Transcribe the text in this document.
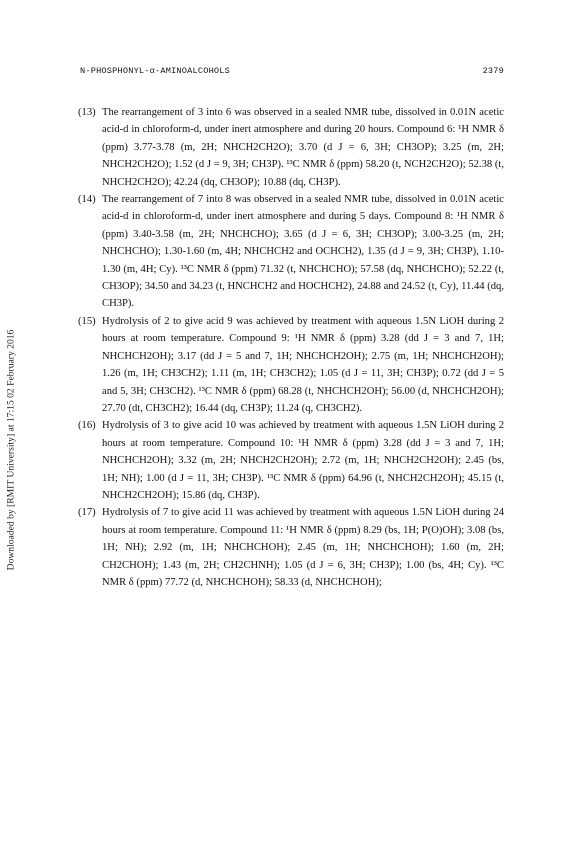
N-PHOSPHONYL-α-AMINOALCOHOLS	2379
Downloaded by [RMIT University] at 17:15 02 February 2016
(13) The rearrangement of 3 into 6 was observed in a sealed NMR tube, dissolved in 0.01N acetic acid-d in chloroform-d, under inert atmosphere and during 20 hours. Compound 6: ¹H NMR δ (ppm) 3.77-3.78 (m, 2H; NHCH2CH2O); 3.70 (d J = 6, 3H; CH3OP); 3.25 (m, 2H; NHCH2CH2O); 1.52 (d J = 9, 3H; CH3P). ¹³C NMR δ (ppm) 58.20 (t, NCH2CH2O); 52.38 (t, NHCH2CH2O); 42.24 (dq, CH3OP); 10.88 (dq, CH3P).
(14) The rearrangement of 7 into 8 was observed in a sealed NMR tube, dissolved in 0.01N acetic acid-d in chloroform-d, under inert atmosphere and during 5 days. Compound 8: ¹H NMR δ (ppm) 3.40-3.58 (m, 2H; NHCHCHO); 3.65 (d J = 6, 3H; CH3OP); 3.00-3.25 (m, 2H; NHCHCHO); 1.30-1.60 (m, 4H; NHCHCH2 and OCHCH2), 1.35 (d J = 9, 3H; CH3P), 1.10-1.30 (m, 4H; Cy). ¹³C NMR δ (ppm) 71.32 (t, NHCHCHO); 57.58 (dq, NHCHCHO); 52.22 (t, CH3OP); 34.50 and 34.23 (t, HNCHCH2 and HOCHCH2), 24.88 and 24.52 (t, Cy), 11.44 (dq, CH3P).
(15) Hydrolysis of 2 to give acid 9 was achieved by treatment with aqueous 1.5N LiOH during 2 hours at room temperature. Compound 9: ¹H NMR δ (ppm) 3.28 (dd J = 3 and 7, 1H; NHCHCH2OH); 3.17 (dd J = 5 and 7, 1H; NHCHCH2OH); 2.75 (m, 1H; NHCHCH2OH); 1.26 (m, 1H; CH3CH2); 1.11 (m, 1H; CH3CH2); 1.05 (d J = 11, 3H; CH3P); 0.72 (dd J = 5 and 5, 3H; CH3CH2). ¹³C NMR δ (ppm) 68.28 (t, NHCHCH2OH); 56.00 (d, NHCHCH2OH); 27.70 (dt, CH3CH2); 16.44 (dq, CH3P); 11.24 (q, CH3CH2).
(16) Hydrolysis of 3 to give acid 10 was achieved by treatment with aqueous 1.5N LiOH during 2 hours at room temperature. Compound 10: ¹H NMR δ (ppm) 3.28 (dd J = 3 and 7, 1H; NHCHCH2OH); 3.32 (m, 2H; NHCH2CH2OH); 2.72 (m, 1H; NHCH2CH2OH); 2.45 (bs, 1H; NH); 1.00 (d J = 11, 3H; CH3P). ¹³C NMR δ (ppm) 64.96 (t, NHCH2CH2OH); 45.15 (t, NHCH2CH2OH); 15.86 (dq, CH3P).
(17) Hydrolysis of 7 to give acid 11 was achieved by treatment with aqueous 1.5N LiOH during 24 hours at room temperature. Compound 11: ¹H NMR δ (ppm) 8.29 (bs, 1H; P(O)OH); 3.08 (bs, 1H; NH); 2.92 (m, 1H; NHCHCHOH); 2.45 (m, 1H; NHCHCHOH); 1.60 (m, 2H; CH2CHOH); 1.43 (m, 2H; CH2CHNH); 1.05 (d J = 6, 3H; CH3P); 1.00 (bs, 4H; Cy). ¹³C NMR δ (ppm) 77.72 (d, NHCHCHOH); 58.33 (d, NHCHCHOH);
